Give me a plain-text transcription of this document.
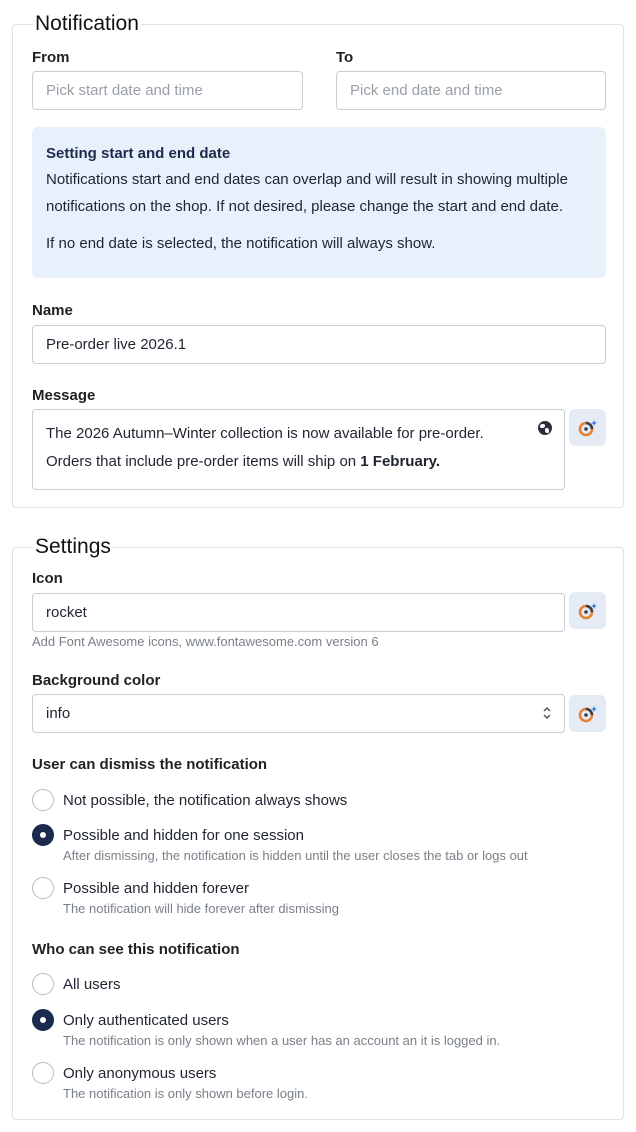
Notification
From
Pick start date and time
To
Pick end date and time
Setting start and end date
Notifications start and end dates can overlap and will result in showing multiple notifications on the shop. If not desired, please change the start and end date.
If no end date is selected, the notification will always show.
Name
Pre-order live 2026.1
Message
The 2026 Autumn–Winter collection is now available for pre-order.
Orders that include pre-order items will ship on 1 February.
Settings
Icon
rocket
Add Font Awesome icons, www.fontawesome.com version 6
Background color
info
User can dismiss the notification
Not possible, the notification always shows
Possible and hidden for one session
After dismissing, the notification is hidden until the user closes the tab or logs out
Possible and hidden forever
The notification will hide forever after dismissing
Who can see this notification
All users
Only authenticated users
The notification is only shown when a user has an account an it is logged in.
Only anonymous users
The notification is only shown before login.
